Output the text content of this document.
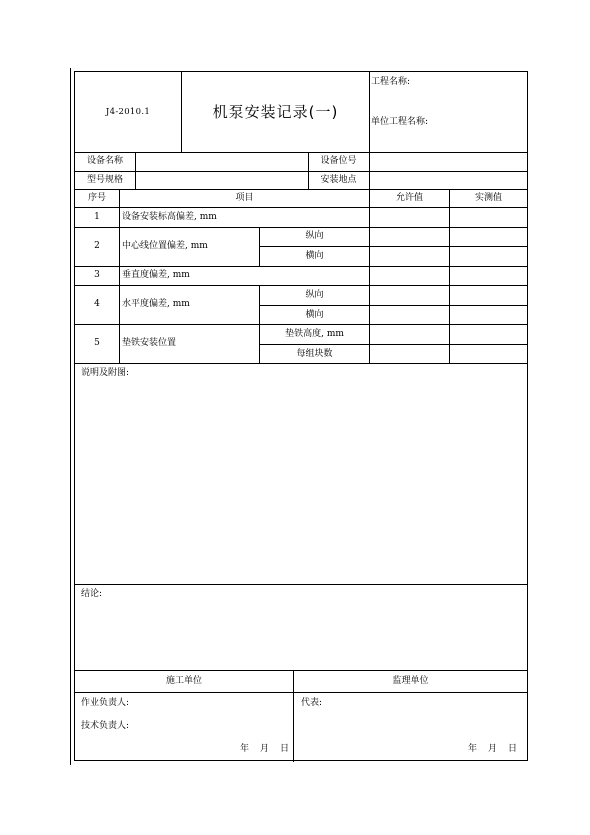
J4-2010.1	机泵安装记录(一)
工程名称:
单位工程名称:
设备名称	设备位号
型号规格	安装地点
序号	项目	允许值	实测值
1	设备安装标高偏差, mm
2	中心线位置偏差, mm
纵向
横向
3	垂直度偏差, mm
4	水平度偏差, mm
纵向
横向
5	垫铁安装位置
垫铁高度, mm
每组块数
说明及附图:
结论:
施工单位	监理单位
作业负责人:
技术负责人:
年 月 日
代表:
年 月 日
